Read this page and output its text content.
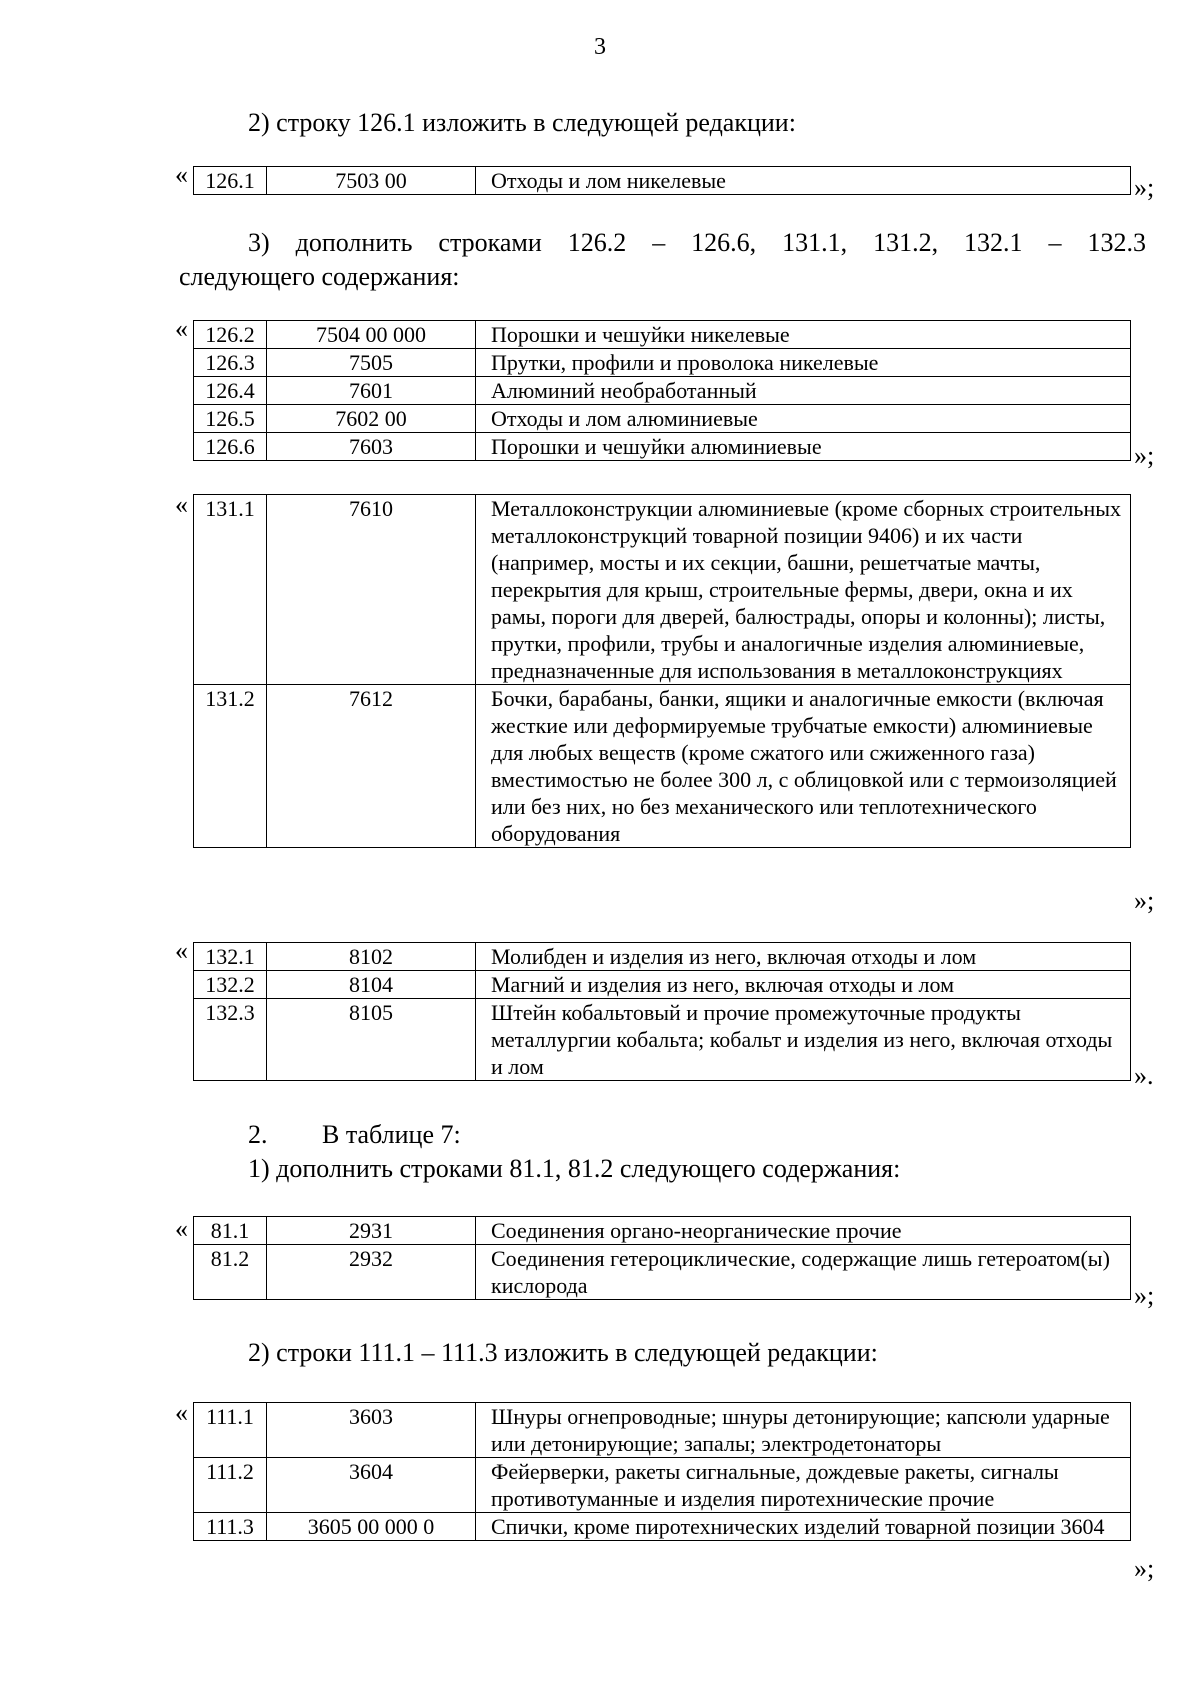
3
2) строку 126.1 изложить в следующей редакции:
« 126.1	7503 00	Отходы и лом никелевые	»;
3) дополнить строками 126.2 – 126.6, 131.1, 131.2, 132.1 – 132.3
следующего содержания:
« 126.2	7504 00 000	Порошки и чешуйки никелевые
126.3	7505	Прутки, профили и проволока никелевые
126.4	7601	Алюминий необработанный
126.5	7602 00	Отходы и лом алюминиевые
126.6	7603	Порошки и чешуйки алюминиевые	»;
« 131.1	7610	Металлоконструкции алюминиевые (кроме сборных строительных металлоконструкций товарной позиции 9406) и их части (например, мосты и их секции, башни, решетчатые мачты, перекрытия для крыш, строительные фермы, двери, окна и их рамы, пороги для дверей, балюстрады, опоры и колонны); листы, прутки, профили, трубы и аналогичные изделия алюминиевые, предназначенные для использования в металлоконструкциях
131.2	7612	Бочки, барабаны, банки, ящики и аналогичные емкости (включая жесткие или деформируемые трубчатые емкости) алюминиевые для любых веществ (кроме сжатого или сжиженного газа) вместимостью не более 300 л, с облицовкой или с термоизоляцией или без них, но без механического или теплотехнического оборудования
»;
« 132.1	8102	Молибден и изделия из него, включая отходы и лом
132.2	8104	Магний и изделия из него, включая отходы и лом
132.3	8105	Штейн кобальтовый и прочие промежуточные продукты металлургии кобальта; кобальт и изделия из него, включая отходы и лом	».
2. В таблице 7:
1) дополнить строками 81.1, 81.2 следующего содержания:
« 81.1	2931	Соединения органо-неорганические прочие
81.2	2932	Соединения гетероциклические, содержащие лишь гетероатом(ы) кислорода	»;
2) строки 111.1 – 111.3 изложить в следующей редакции:
« 111.1	3603	Шнуры огнепроводные; шнуры детонирующие; капсюли ударные или детонирующие; запалы; электродетонаторы
111.2	3604	Фейерверки, ракеты сигнальные, дождевые ракеты, сигналы противотуманные и изделия пиротехнические прочие
111.3	3605 00 000 0	Спички, кроме пиротехнических изделий товарной позиции 3604
»;
